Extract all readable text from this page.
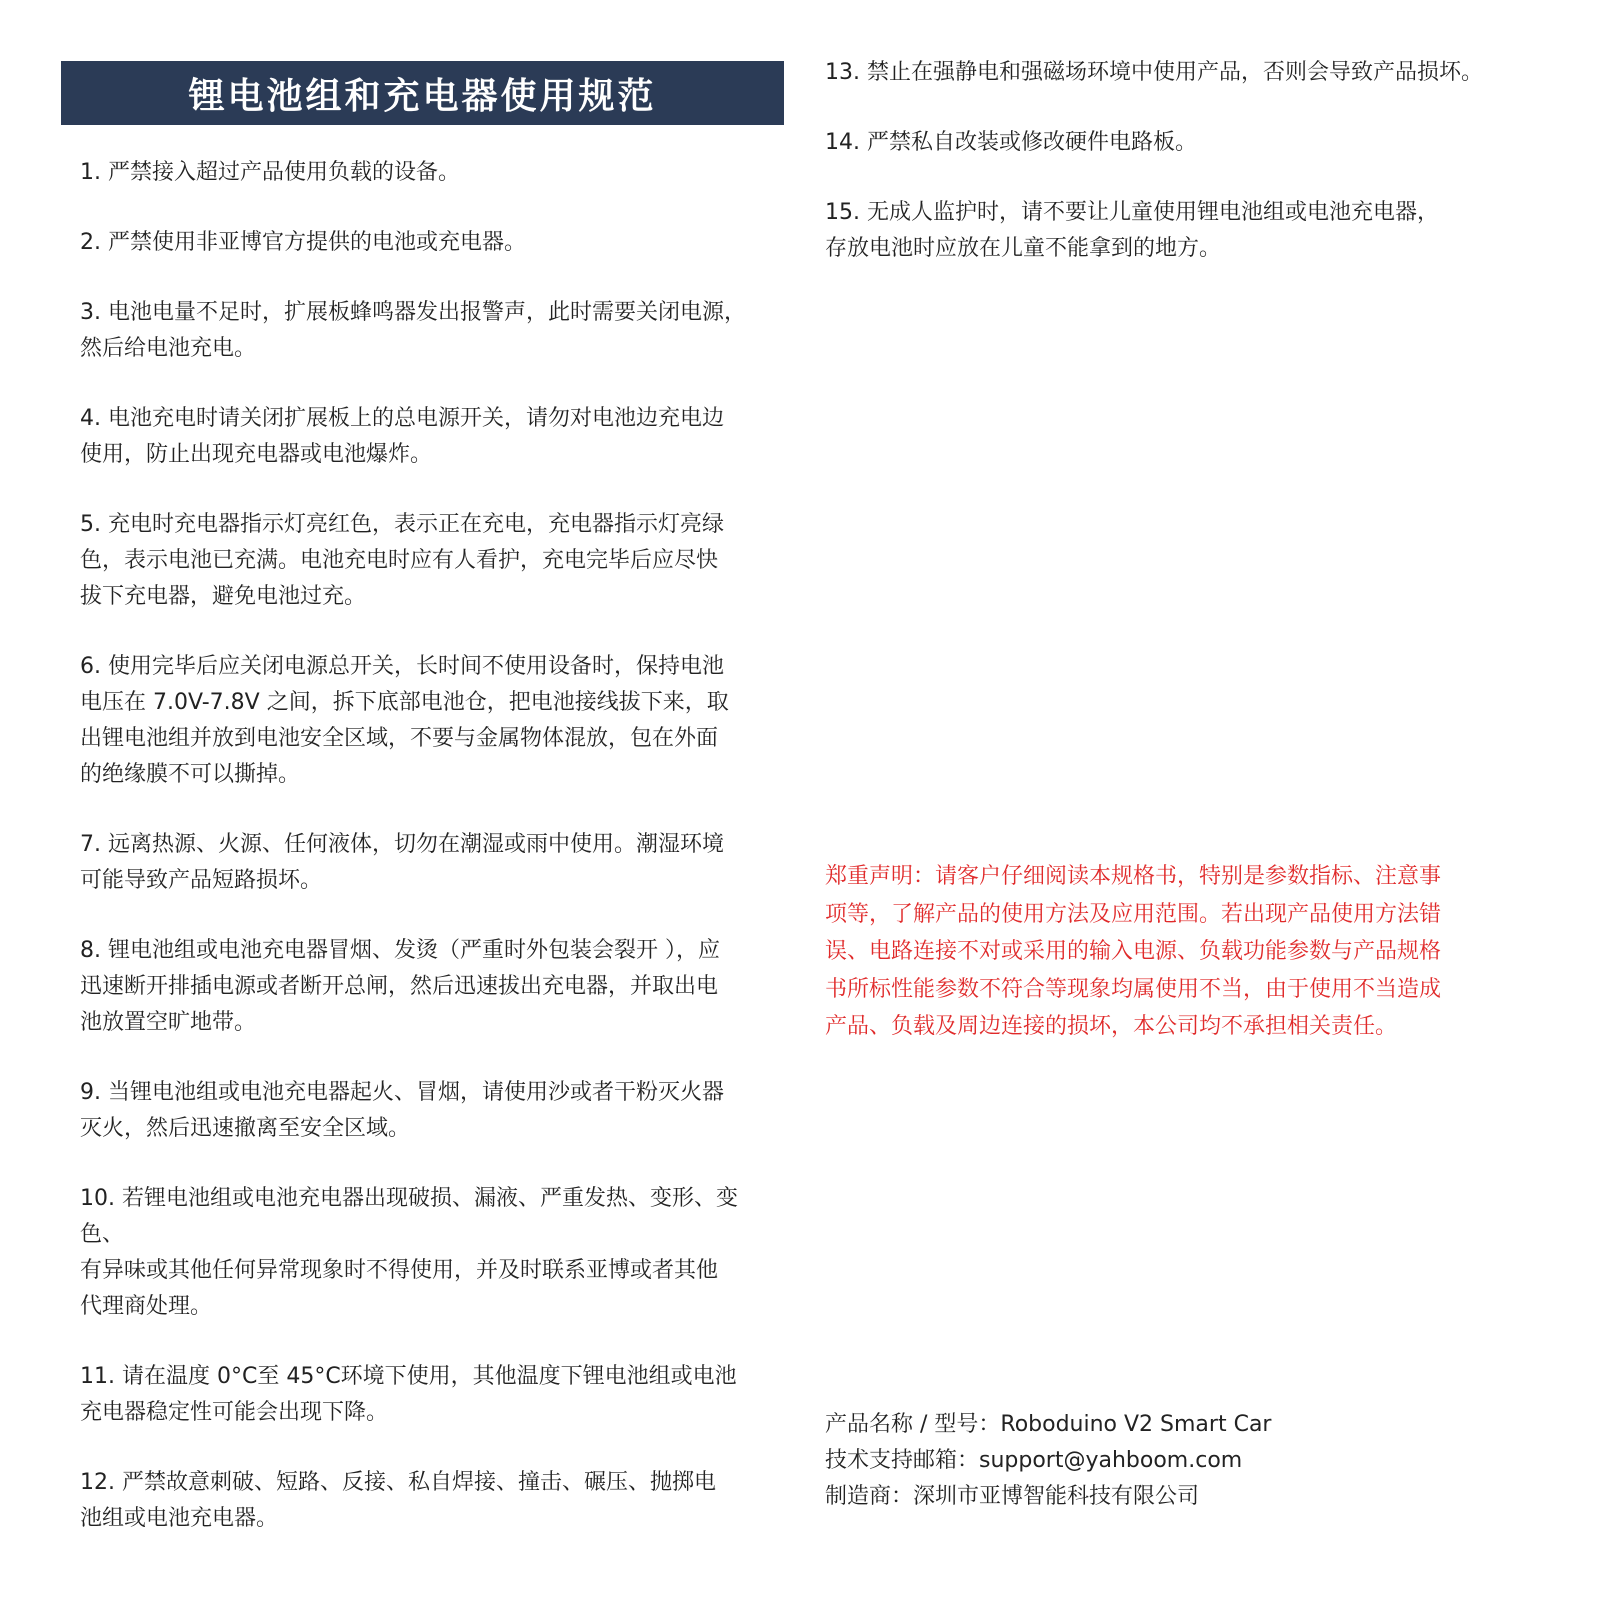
锂电池组和充电器使用规范

1. 严禁接入超过产品使用负载的设备。

2. 严禁使用非亚博官方提供的电池或充电器。

3. 电池电量不足时，扩展板蜂鸣器发出报警声，此时需要关闭电源，
然后给电池充电。

4. 电池充电时请关闭扩展板上的总电源开关，请勿对电池边充电边
使用，防止出现充电器或电池爆炸。

5. 充电时充电器指示灯亮红色，表示正在充电，充电器指示灯亮绿
色，表示电池已充满。电池充电时应有人看护，充电完毕后应尽快
拔下充电器，避免电池过充。

6. 使用完毕后应关闭电源总开关，长时间不使用设备时，保持电池
电压在 7.0V-7.8V 之间，拆下底部电池仓，把电池接线拔下来，取
出锂电池组并放到电池安全区域，不要与金属物体混放，包在外面
的绝缘膜不可以撕掉。

7. 远离热源、火源、任何液体，切勿在潮湿或雨中使用。潮湿环境
可能导致产品短路损坏。

8. 锂电池组或电池充电器冒烟、发烫（严重时外包装会裂开 ），应
迅速断开排插电源或者断开总闸，然后迅速拔出充电器，并取出电
池放置空旷地带。

9. 当锂电池组或电池充电器起火、冒烟，请使用沙或者干粉灭火器
灭火，然后迅速撤离至安全区域。

10. 若锂电池组或电池充电器出现破损、漏液、严重发热、变形、变色、
有异味或其他任何异常现象时不得使用，并及时联系亚博或者其他
代理商处理。

11. 请在温度 0°C至 45°C环境下使用，其他温度下锂电池组或电池
充电器稳定性可能会出现下降。

12. 严禁故意刺破、短路、反接、私自焊接、撞击、碾压、抛掷电
池组或电池充电器。

13. 禁止在强静电和强磁场环境中使用产品，否则会导致产品损坏。

14. 严禁私自改装或修改硬件电路板。

15. 无成人监护时，请不要让儿童使用锂电池组或电池充电器，
存放电池时应放在儿童不能拿到的地方。

郑重声明：请客户仔细阅读本规格书，特别是参数指标、注意事
项等，了解产品的使用方法及应用范围。若出现产品使用方法错
误、电路连接不对或采用的输入电源、负载功能参数与产品规格
书所标性能参数不符合等现象均属使用不当，由于使用不当造成
产品、负载及周边连接的损坏，本公司均不承担相关责任。
产品名称 / 型号：Roboduino V2 Smart Car
技术支持邮箱：support@yahboom.com
制造商：深圳市亚博智能科技有限公司
